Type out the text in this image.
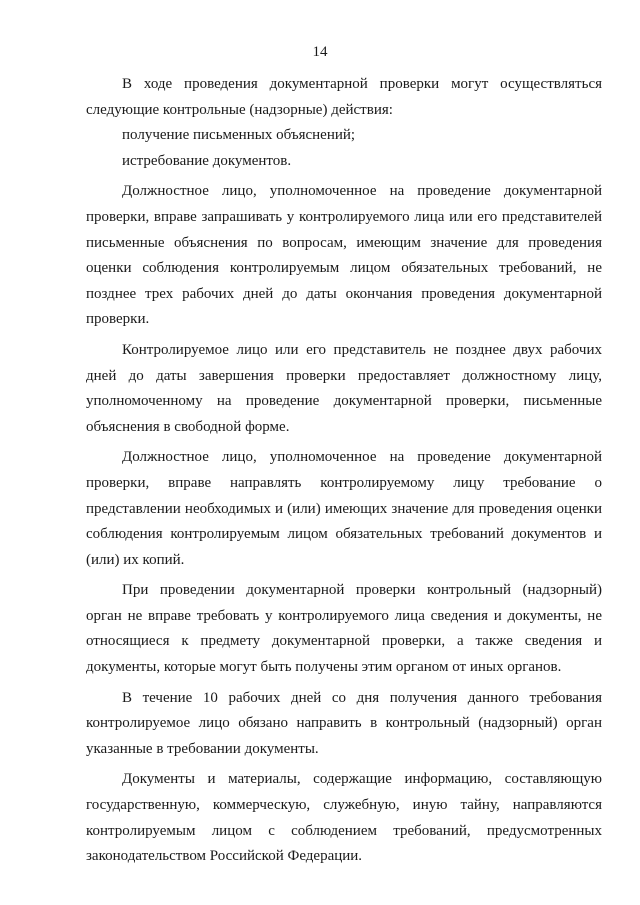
14

В ходе проведения документарной проверки могут осуществляться следующие контрольные (надзорные) действия:

получение письменных объяснений;

истребование документов.

Должностное лицо, уполномоченное на проведение документарной проверки, вправе запрашивать у контролируемого лица или его представителей письменные объяснения по вопросам, имеющим значение для проведения оценки соблюдения контролируемым лицом обязательных требований, не позднее трех рабочих дней до даты окончания проведения документарной проверки.

Контролируемое лицо или его представитель не позднее двух рабочих дней до даты завершения проверки предоставляет должностному лицу, уполномоченному на проведение документарной проверки, письменные объяснения в свободной форме.

Должностное лицо, уполномоченное на проведение документарной проверки, вправе направлять контролируемому лицу требование о представлении необходимых и (или) имеющих значение для проведения оценки соблюдения контролируемым лицом обязательных требований документов и (или) их копий.

При проведении документарной проверки контрольный (надзорный) орган не вправе требовать у контролируемого лица сведения и документы, не относящиеся к предмету документарной проверки, а также сведения и документы, которые могут быть получены этим органом от иных органов.

В течение 10 рабочих дней со дня получения данного требования контролируемое лицо обязано направить в контрольный (надзорный) орган указанные в требовании документы.

Документы и материалы, содержащие информацию, составляющую государственную, коммерческую, служебную, иную тайну, направляются контролируемым лицом с соблюдением требований, предусмотренных законодательством Российской Федерации.
